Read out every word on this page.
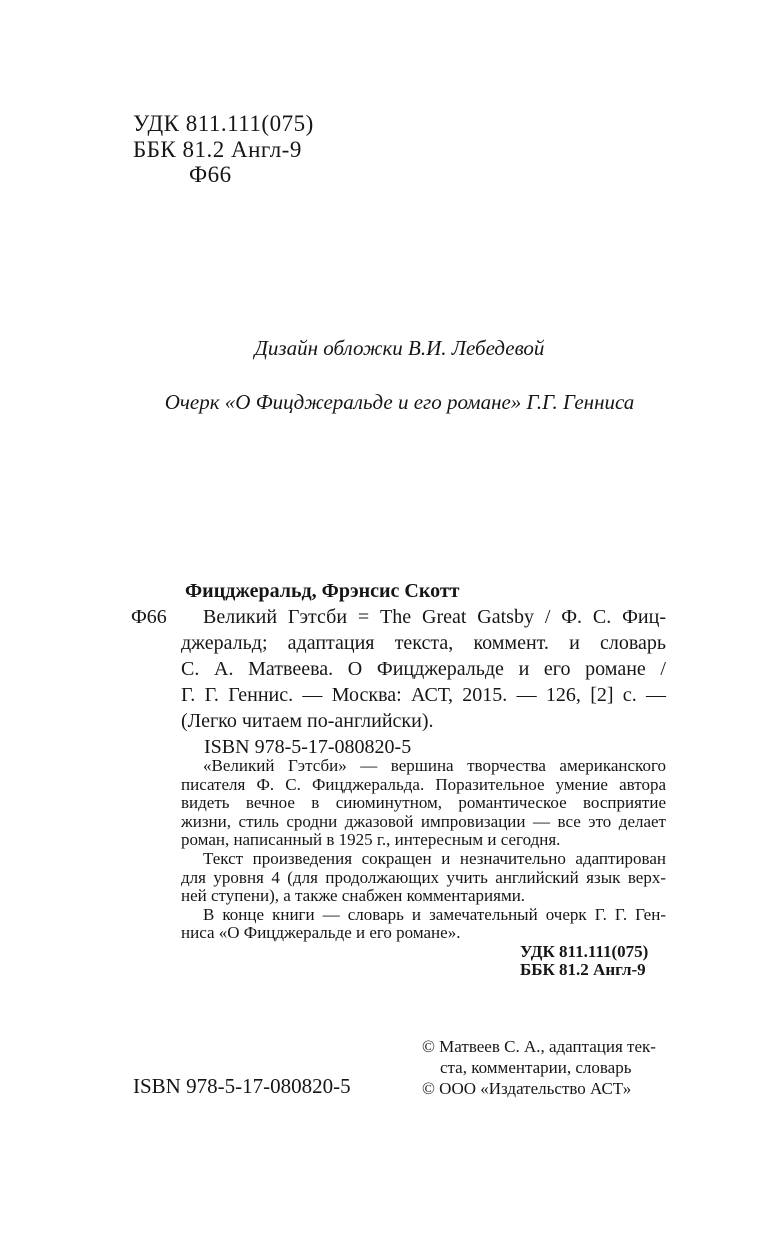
УДК 811.111(075)
ББК 81.2 Англ-9
Ф66
Дизайн обложки В.И. Лебедевой
Очерк «О Фицджеральде и его романе» Г.Г. Генниса
Ф66
Фицджеральд, Фрэнсис Скотт
Великий Гэтсби = The Great Gatsby / Ф. С. Фиц-
джеральд; адаптация текста, коммент. и словарь
С. А. Матвеева. О Фицджеральде и его романе /
Г. Г. Геннис. — Москва: АСТ, 2015. — 126, [2] с. —
(Легко читаем по-английски).
ISBN 978-5-17-080820-5
«Великий Гэтсби» — вершина творчества американского
писателя Ф. С. Фицджеральда. Поразительное умение автора
видеть вечное в сиюминутном, романтическое восприятие
жизни, стиль сродни джазовой импровизации — все это делает
роман, написанный в 1925 г., интересным и сегодня.
Текст произведения сокращен и незначительно адаптирован
для уровня 4 (для продолжающих учить английский язык верх-
ней ступени), а также снабжен комментариями.
В конце книги — словарь и замечательный очерк Г. Г. Ген-
ниса «О Фицджеральде и его романе».
УДК 811.111(075)
ББК 81.2 Англ-9
ISBN 978-5-17-080820-5
© Матвеев С. А., адаптация тек-
ста, комментарии, словарь
© ООО «Издательство АСТ»
